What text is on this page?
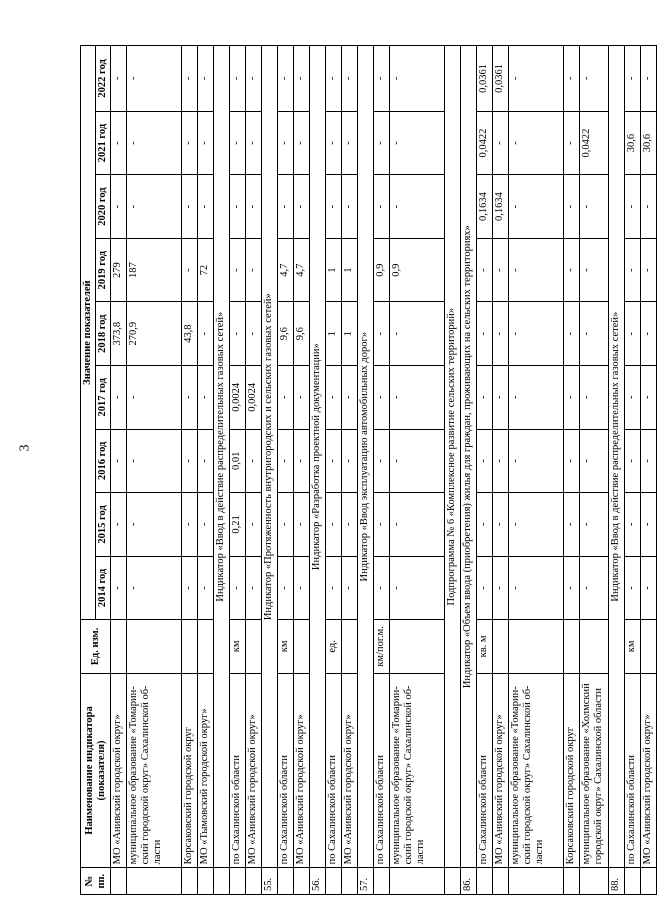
3
№ пп.	Наименование индикатора (показателя)	Ед. изм.	Значение показателей								
			2014 год	2015 год	2016 год	2017 год	2018 год	2019 год	2020 год	2021 год	2022 год
	МО «Анивский городской округ»		-	-	-	-	373,8	279	-	-	-
	муниципальное образование «Томарин-ский городской округ» Сахалинской об-ласти		-	-	-	-	270,9	187	-	-	-
	Корсаковский городской округ		-	-	-	-	43,8	-	-	-	-
	МО «Тымовский городской округ»		-	-	-	-	-	72	-	-	-
	Индикатор «Ввод в действие распределительных газовых сетей»										
	по Сахалинской области	км	-	0,21	0,01	0,0024	-	-	-	-	-
	МО «Анивский городской округ»		-	-	-	0,0024	-	-	-	-	-
55.	Индикатор «Протяженность внутригородских и сельских газовых сетей»										
	по Сахалинской области	км	-	-	-	-	9,6	4,7	-	-	-
	МО «Анивский городской округ»		-	-	-	-	9,6	4,7	-	-	-
56.	Индикатор «Разработка проектной документации»										
	по Сахалинской области	ед.	-	-	-	-	1	1	-	-	-
	МО «Анивский городской округ»		-	-	-	-	1	1	-	-	-
57.	Индикатор «Ввод эксплуатацию автомобильных дорог»										
	по Сахалинской области	км/пог.м.	-	-	-	-	-	0,9	-	-	-
	муниципальное образование «Томарин-ский городской округ» Сахалинской об-ласти		-	-	-	-	-	0,9	-	-	-
	Подпрограмма № 6 «Комплексное развитие сельских территорий»										
86.	Индикатор «Объем ввода (приобретения) жилья для граждан, проживающих на сельских территориях»										
	по Сахалинской области	кв. м	-	-	-	-	-	-	0,1634	0,0422	0,0361
	МО «Анивский городской округ»		-	-	-	-	-	-	0,1634	-	0,0361
	муниципальное образование «Томарин-ский городской округ» Сахалинской об-ласти		-	-	-	-	-	-	-	-	-
	Корсаковский городской округ		-	-	-	-	-	-	-	-	-
	муниципальное образование «Холмский городской округ» Сахалинской области		-	-	-	-	-	-	-	0,0422	-
88.	Индикатор «Ввод в действие распределительных газовых сетей»										
	по Сахалинской области	км	-	-	-	-	-	-	-	30,6	-
	МО «Анивский городской округ»		-	-	-	-	-	-	-	30,6	-
